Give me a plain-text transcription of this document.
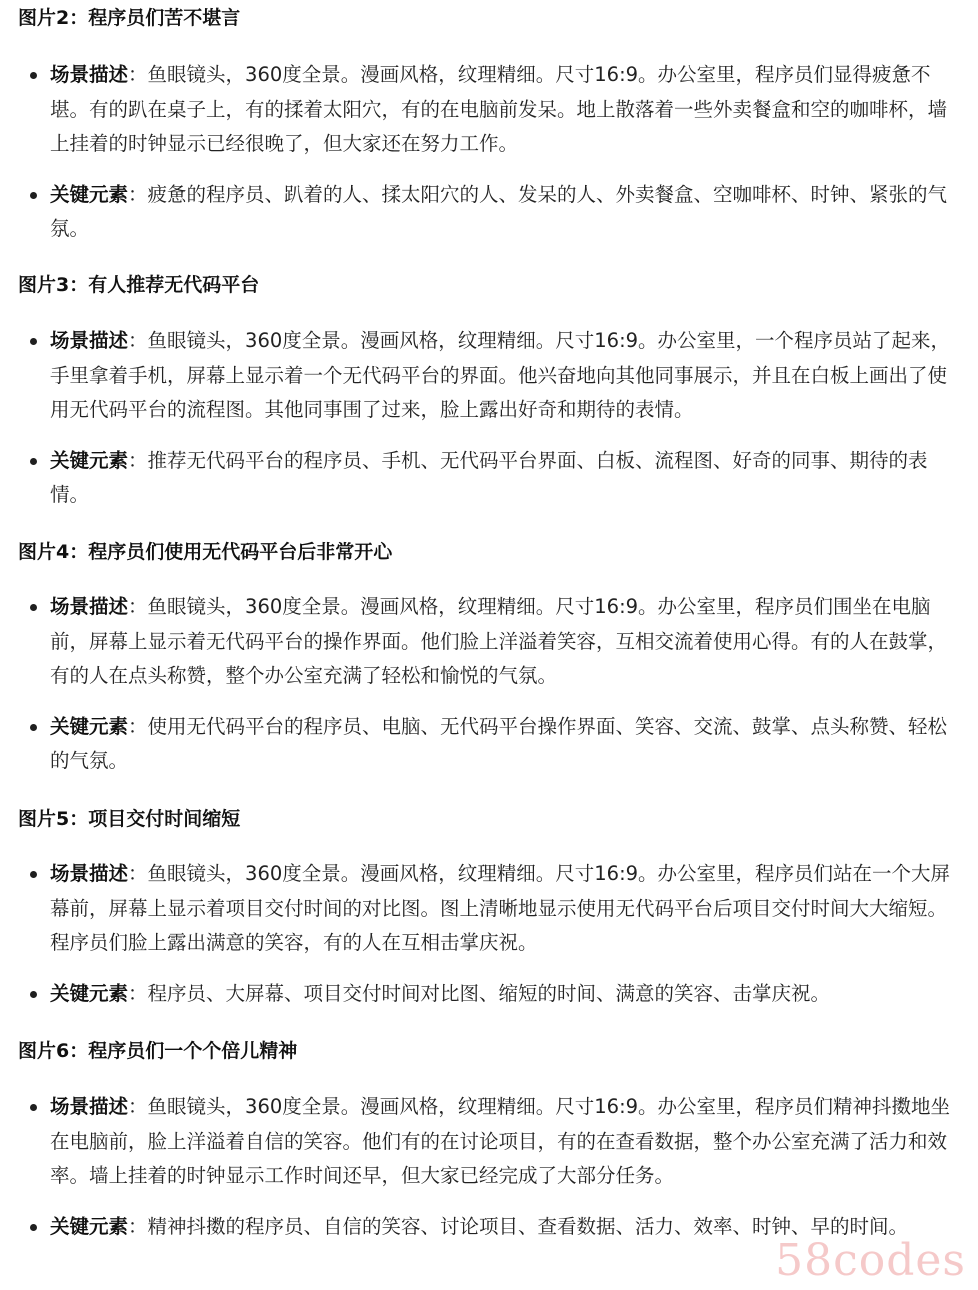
图片2：程序员们苦不堪言

场景描述：鱼眼镜头，360度全景。漫画风格，纹理精细。尺寸16:9。办公室里，程序员们显得疲惫不堪。有的趴在桌子上，有的揉着太阳穴，有的在电脑前发呆。地上散落着一些外卖餐盒和空的咖啡杯，墙上挂着的时钟显示已经很晚了，但大家还在努力工作。
关键元素：疲惫的程序员、趴着的人、揉太阳穴的人、发呆的人、外卖餐盒、空咖啡杯、时钟、紧张的气氛。

图片3：有人推荐无代码平台

场景描述：鱼眼镜头，360度全景。漫画风格，纹理精细。尺寸16:9。办公室里，一个程序员站了起来，手里拿着手机，屏幕上显示着一个无代码平台的界面。他兴奋地向其他同事展示，并且在白板上画出了使用无代码平台的流程图。其他同事围了过来，脸上露出好奇和期待的表情。
关键元素：推荐无代码平台的程序员、手机、无代码平台界面、白板、流程图、好奇的同事、期待的表情。

图片4：程序员们使用无代码平台后非常开心

场景描述：鱼眼镜头，360度全景。漫画风格，纹理精细。尺寸16:9。办公室里，程序员们围坐在电脑前，屏幕上显示着无代码平台的操作界面。他们脸上洋溢着笑容，互相交流着使用心得。有的人在鼓掌，有的人在点头称赞，整个办公室充满了轻松和愉悦的气氛。
关键元素：使用无代码平台的程序员、电脑、无代码平台操作界面、笑容、交流、鼓掌、点头称赞、轻松的气氛。

图片5：项目交付时间缩短

场景描述：鱼眼镜头，360度全景。漫画风格，纹理精细。尺寸16:9。办公室里，程序员们站在一个大屏幕前，屏幕上显示着项目交付时间的对比图。图上清晰地显示使用无代码平台后项目交付时间大大缩短。程序员们脸上露出满意的笑容，有的人在互相击掌庆祝。
关键元素：程序员、大屏幕、项目交付时间对比图、缩短的时间、满意的笑容、击掌庆祝。

图片6：程序员们一个个倍儿精神

场景描述：鱼眼镜头，360度全景。漫画风格，纹理精细。尺寸16:9。办公室里，程序员们精神抖擞地坐在电脑前，脸上洋溢着自信的笑容。他们有的在讨论项目，有的在查看数据，整个办公室充满了活力和效率。墙上挂着的时钟显示工作时间还早，但大家已经完成了大部分任务。
关键元素：精神抖擞的程序员、自信的笑容、讨论项目、查看数据、活力、效率、时钟、早的时间。
58codes
